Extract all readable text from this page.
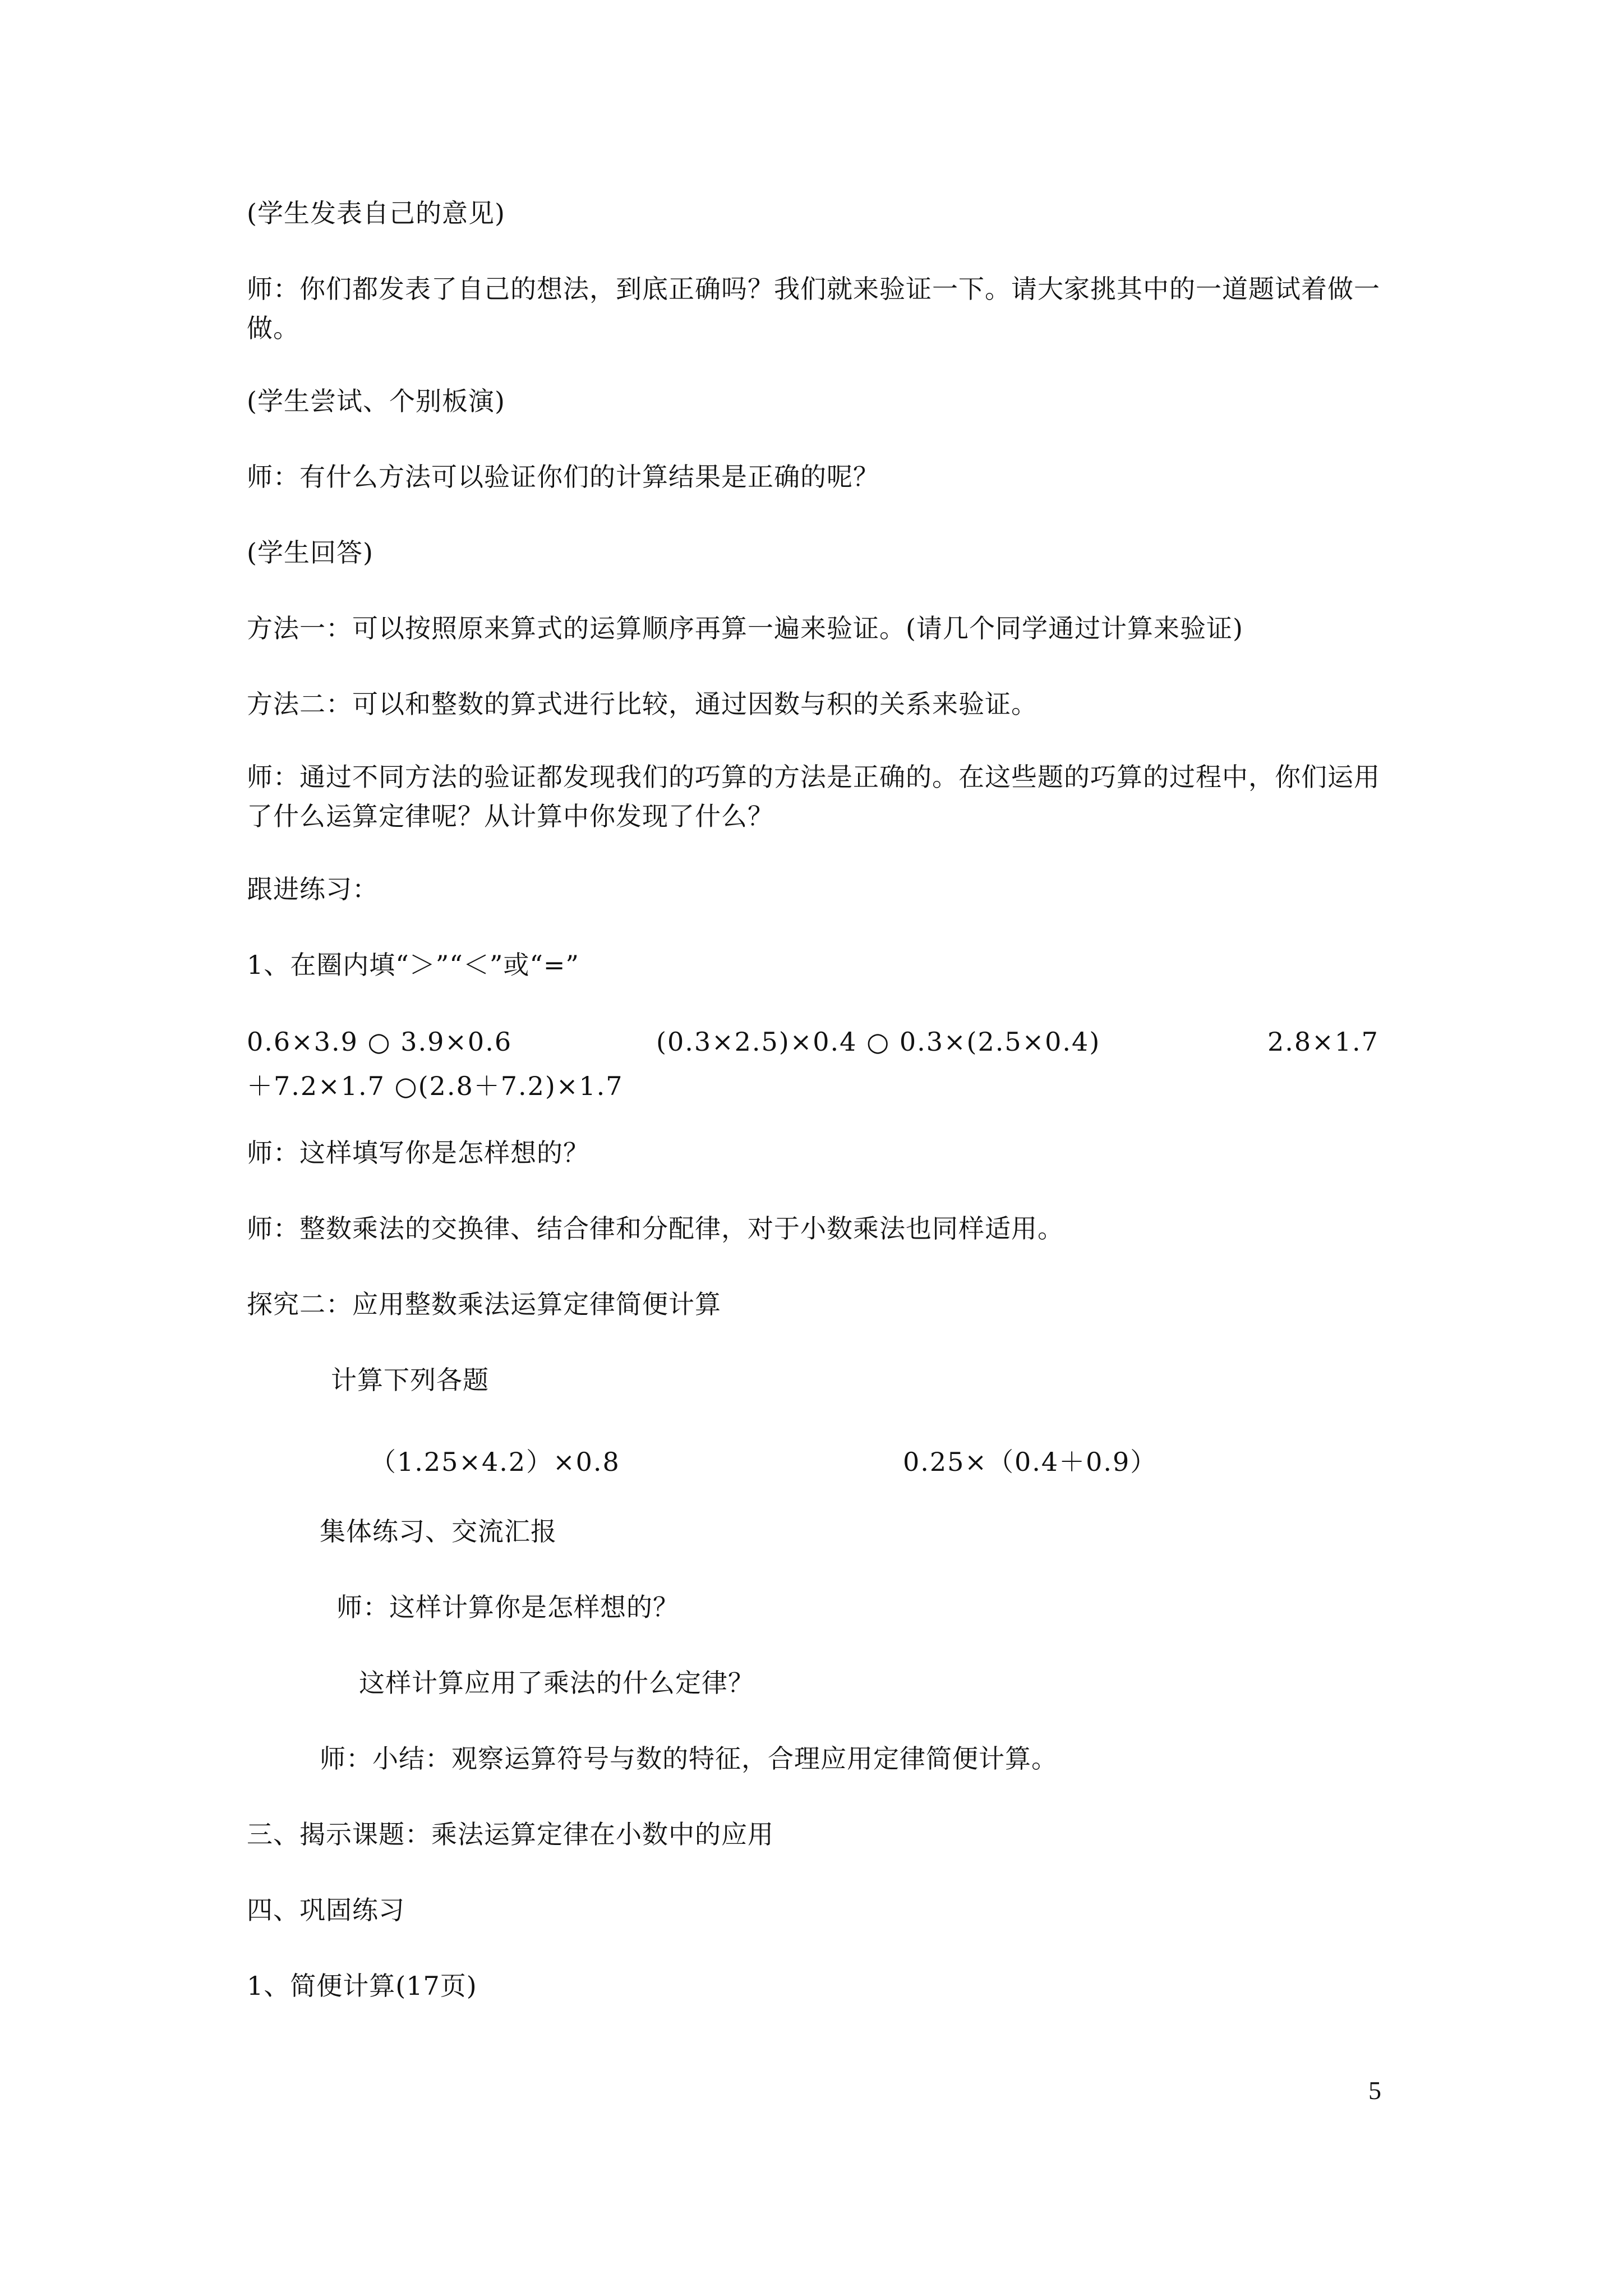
(学生发表自己的意见)
师：你们都发表了自己的想法，到底正确吗？我们就来验证一下。请大家挑其中的一道题试着做一做。
(学生尝试、个别板演)
师：有什么方法可以验证你们的计算结果是正确的呢？
(学生回答)
方法一：可以按照原来算式的运算顺序再算一遍来验证。(请几个同学通过计算来验证)
方法二：可以和整数的算式进行比较，通过因数与积的关系来验证。
师：通过不同方法的验证都发现我们的巧算的方法是正确的。在这些题的巧算的过程中，你们运用了什么运算定律呢？从计算中你发现了什么？
跟进练习：
1、在圈内填“＞”“＜”或“=”
0.6×3.9 ○ 3.9×0.6	(0.3×2.5)×0.4 ○ 0.3×(2.5×0.4)	2.8×1.7
＋7.2×1.7 ○(2.8＋7.2)×1.7
师：这样填写你是怎样想的？
师：整数乘法的交换律、结合律和分配律，对于小数乘法也同样适用。
探究二：应用整数乘法运算定律简便计算
计算下列各题
（1.25×4.2）×0.8	0.25×（0.4＋0.9）
集体练习、交流汇报
师：这样计算你是怎样想的？
这样计算应用了乘法的什么定律？
师：小结：观察运算符号与数的特征，合理应用定律简便计算。
三、揭示课题：乘法运算定律在小数中的应用
四、巩固练习
1、简便计算(17页)
5
